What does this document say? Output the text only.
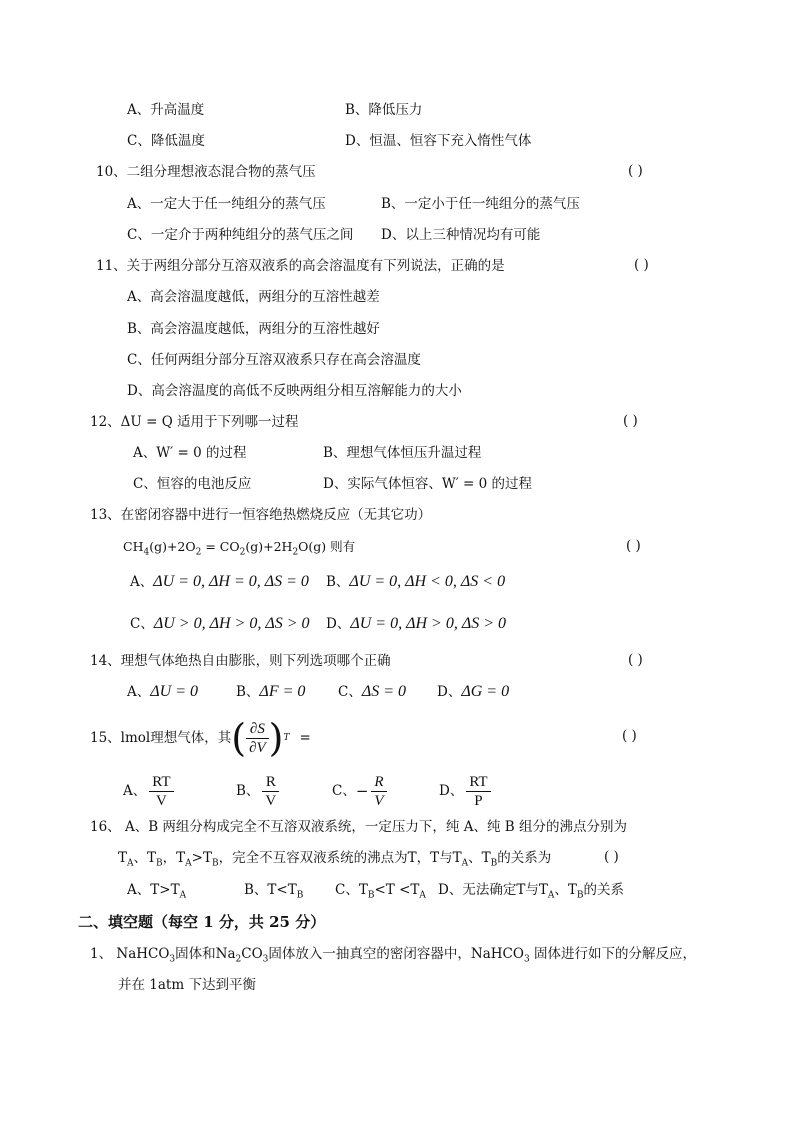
A、升高温度	B、降低压力
C、降低温度	D、恒温、恒容下充入惰性气体
10、二组分理想液态混合物的蒸气压	( )
A、一定大于任一纯组分的蒸气压	B、一定小于任一纯组分的蒸气压
C、一定介于两种纯组分的蒸气压之间 D、以上三种情况均有可能
11、关于两组分部分互溶双液系的高会溶温度有下列说法，正确的是	( )
A、高会溶温度越低，两组分的互溶性越差
B、高会溶温度越低，两组分的互溶性越好
C、任何两组分部分互溶双液系只存在高会溶温度
D、高会溶温度的高低不反映两组分相互溶解能力的大小
12、ΔU = Q 适用于下列哪一过程	( )
A、W′ = 0 的过程	B、理想气体恒压升温过程
C、恒容的电池反应	D、实际气体恒容、W′ = 0 的过程
13、在密闭容器中进行一恒容绝热燃烧反应（无其它功）
$CH_4(g)+2O_2 = CO_2(g)+2H_2O(g)$ 则有	( )
A、ΔU = 0, ΔH = 0, ΔS = 0 B、ΔU = 0, ΔH < 0, ΔS < 0
C、ΔU > 0, ΔH > 0, ΔS > 0 D、ΔU = 0, ΔH > 0, ΔS > 0
14、理想气体绝热自由膨胀，则下列选项哪个正确	( )
A、ΔU = 0	B、ΔF = 0 C、ΔS = 0 D、ΔG = 0
15、lmol理想气体，其 ( $\frac{\partial S}{\partial V}$ ) T =	( )
A、 $\frac{RT}{V}$	B、 $\frac{R}{V}$	C、 − $\frac{R}{V}$	D、 $\frac{RT}{P}$
16、 A、B 两组分构成完全不互溶双液系统，一定压力下，纯 A、纯 B 组分的沸点分别为
$T_A$、$T_B$，$T_A>T_B$，完全不互容双液系统的沸点为T，T与$T_A$、$T_B$的关系为	( )
A、$T>T_A$	B、$T<T_B$ C、$T_B<T <T_A$ D、无法确定T与$T_A$、$T_B$的关系
二、填空题（每空 1 分，共 25 分）
1、 NaHCO$_3$固体和$Na_2CO_3$固体放入一抽真空的密闭容器中，NaHCO$_3$ 固体进行如下的分解反应，
并在 1atm 下达到平衡
